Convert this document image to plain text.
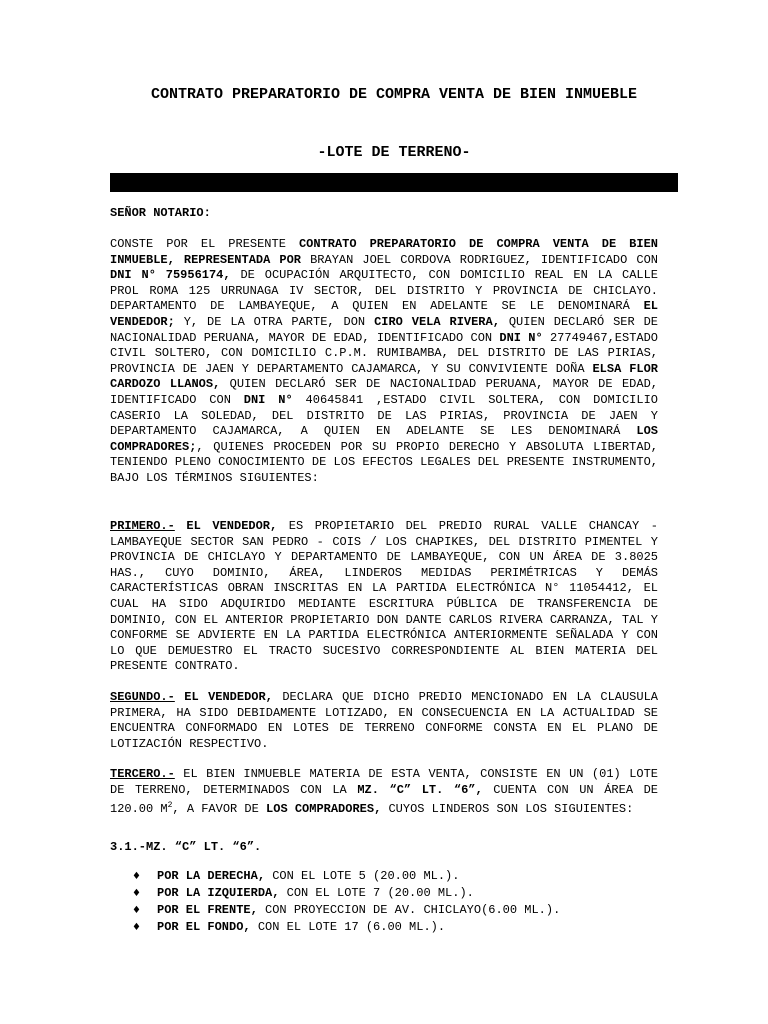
CONTRATO PREPARATORIO DE COMPRA VENTA DE BIEN INMUEBLE
-LOTE DE TERRENO-
SEÑOR NOTARIO:
CONSTE POR EL PRESENTE CONTRATO PREPARATORIO DE COMPRA VENTA DE BIEN INMUEBLE, REPRESENTADA POR BRAYAN JOEL CORDOVA RODRIGUEZ, IDENTIFICADO CON DNI N° 75956174, DE OCUPACIÓN ARQUITECTO, CON DOMICILIO REAL EN LA CALLE PROL ROMA 125 URRUNAGA IV SECTOR, DEL DISTRITO Y PROVINCIA DE CHICLAYO. DEPARTAMENTO DE LAMBAYEQUE, A QUIEN EN ADELANTE SE LE DENOMINARÁ EL VENDEDOR; Y, DE LA OTRA PARTE, DON CIRO VELA RIVERA, QUIEN DECLARÓ SER DE NACIONALIDAD PERUANA, MAYOR DE EDAD, IDENTIFICADO CON DNI N° 27749467,ESTADO CIVIL SOLTERO, CON DOMICILIO C.P.M. RUMIBAMBA, DEL DISTRITO DE LAS PIRIAS, PROVINCIA DE JAEN Y DEPARTAMENTO CAJAMARCA, Y SU CONVIVIENTE DOÑA ELSA FLOR CARDOZO LLANOS, QUIEN DECLARÓ SER DE NACIONALIDAD PERUANA, MAYOR DE EDAD, IDENTIFICADO CON DNI N° 40645841 ,ESTADO CIVIL SOLTERA, CON DOMICILIO CASERIO LA SOLEDAD, DEL DISTRITO DE LAS PIRIAS, PROVINCIA DE JAEN Y DEPARTAMENTO CAJAMARCA, A QUIEN EN ADELANTE SE LES DENOMINARÁ LOS COMPRADORES;, QUIENES PROCEDEN POR SU PROPIO DERECHO Y ABSOLUTA LIBERTAD, TENIENDO PLENO CONOCIMIENTO DE LOS EFECTOS LEGALES DEL PRESENTE INSTRUMENTO, BAJO LOS TÉRMINOS SIGUIENTES:
PRIMERO.- EL VENDEDOR, ES PROPIETARIO DEL PREDIO RURAL VALLE CHANCAY - LAMBAYEQUE SECTOR SAN PEDRO - COIS / LOS CHAPIKES, DEL DISTRITO PIMENTEL Y PROVINCIA DE CHICLAYO Y DEPARTAMENTO DE LAMBAYEQUE, CON UN ÁREA DE 3.8025 HAS., CUYO DOMINIO, ÁREA, LINDEROS MEDIDAS PERIMÉTRICAS Y DEMÁS CARACTERÍSTICAS OBRAN INSCRITAS EN LA PARTIDA ELECTRÓNICA N° 11054412, EL CUAL HA SIDO ADQUIRIDO MEDIANTE ESCRITURA PÚBLICA DE TRANSFERENCIA DE DOMINIO, CON EL ANTERIOR PROPIETARIO DON DANTE CARLOS RIVERA CARRANZA, TAL Y CONFORME SE ADVIERTE EN LA PARTIDA ELECTRÓNICA ANTERIORMENTE SEÑALADA Y CON LO QUE DEMUESTRO EL TRACTO SUCESIVO CORRESPONDIENTE AL BIEN MATERIA DEL PRESENTE CONTRATO.
SEGUNDO.- EL VENDEDOR, DECLARA QUE DICHO PREDIO MENCIONADO EN LA CLAUSULA PRIMERA, HA SIDO DEBIDAMENTE LOTIZADO, EN CONSECUENCIA EN LA ACTUALIDAD SE ENCUENTRA CONFORMADO EN LOTES DE TERRENO CONFORME CONSTA EN EL PLANO DE LOTIZACIÓN RESPECTIVO.
TERCERO.- EL BIEN INMUEBLE MATERIA DE ESTA VENTA, CONSISTE EN UN (01) LOTE DE TERRENO, DETERMINADOS CON LA MZ. “C” LT. “6”, CUENTA CON UN ÁREA DE 120.00 $M^2$, A FAVOR DE LOS COMPRADORES, CUYOS LINDEROS SON LOS SIGUIENTES:
3.1.-MZ. “C” LT. “6”.
♦	POR LA DERECHA, CON EL LOTE 5 (20.00 ML.).
♦	POR LA IZQUIERDA, CON EL LOTE 7 (20.00 ML.).
♦	POR EL FRENTE, CON PROYECCION DE AV. CHICLAYO(6.00 ML.).
♦	POR EL FONDO, CON EL LOTE 17 (6.00 ML.).
